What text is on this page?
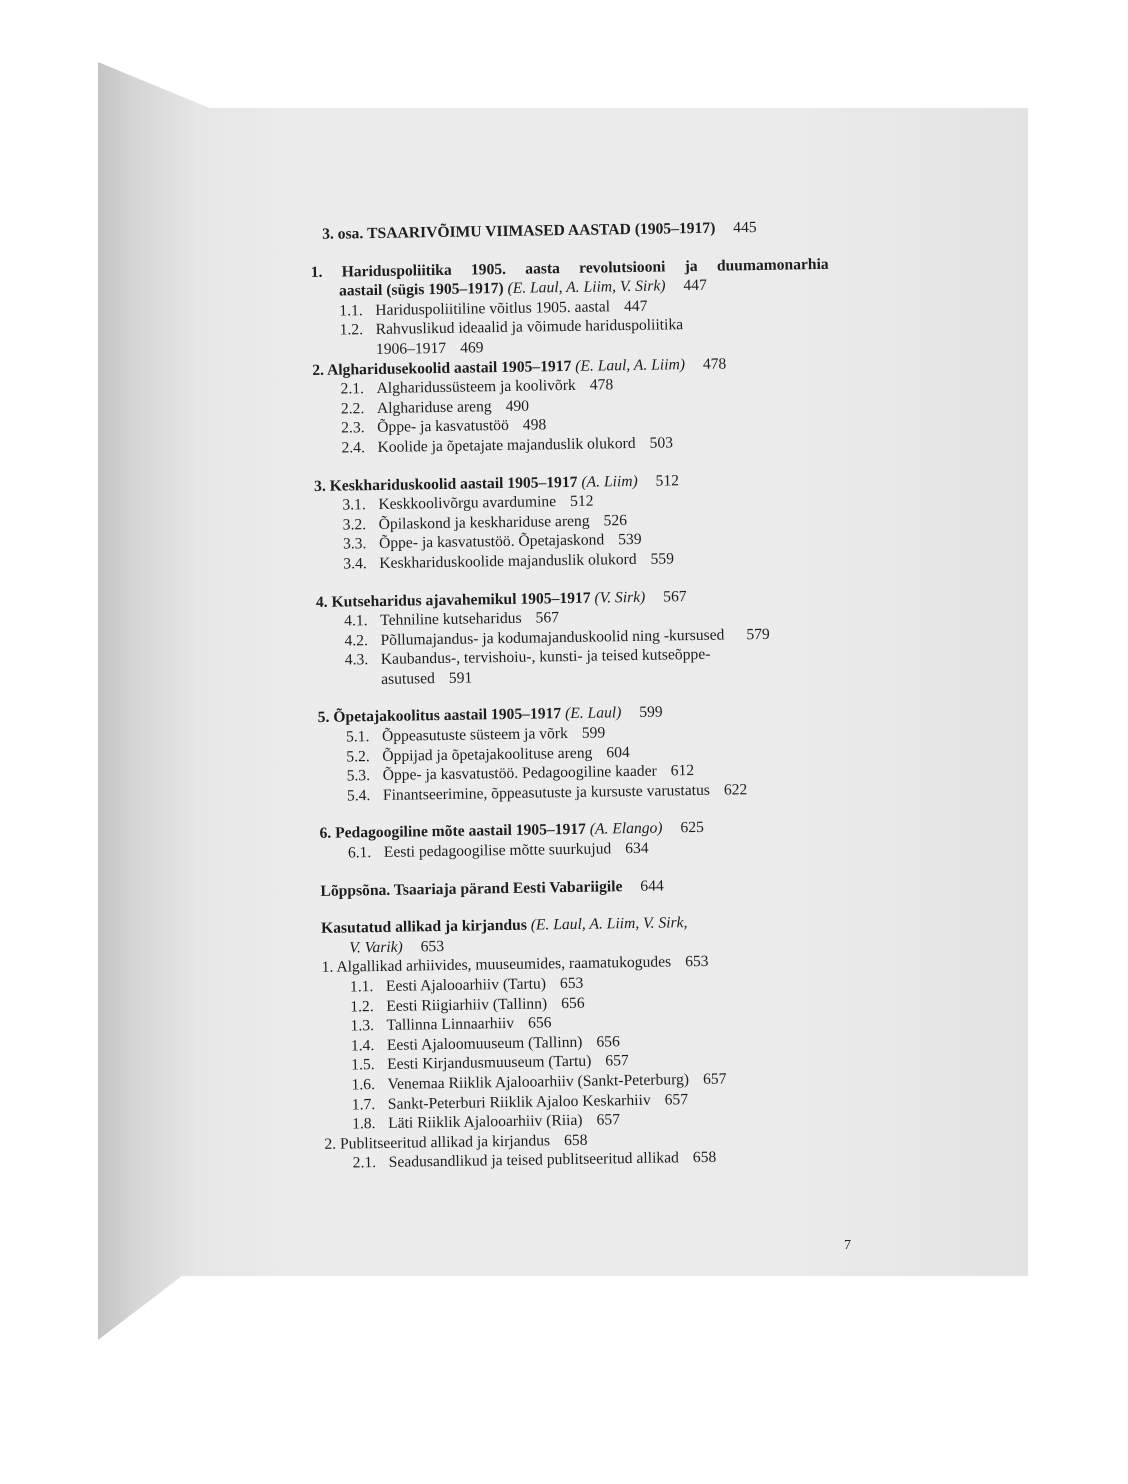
3. osa. TSAARIVÕIMU VIIMASED AASTAD (1905–1917) 445
1. Hariduspoliitika 1905. aasta revolutsiooni ja duumamonarhia
aastail (sügis 1905–1917) (E. Laul, A. Liim, V. Sirk) 447
1.1. Hariduspoliitiline võitlus 1905. aastal 447
1.2. Rahvuslikud ideaalid ja võimude hariduspoliitika
1906–1917 469
2. Algharidusekoolid aastail 1905–1917 (E. Laul, A. Liim) 478
2.1. Algharidussüsteem ja koolivõrk 478
2.2. Alghariduse areng 490
2.3. Õppe- ja kasvatustöö 498
2.4. Koolide ja õpetajate majanduslik olukord 503
3. Keskhariduskoolid aastail 1905–1917 (A. Liim) 512
3.1. Keskkoolivõrgu avardumine 512
3.2. Õpilaskond ja keskhariduse areng 526
3.3. Õppe- ja kasvatustöö. Õpetajaskond 539
3.4. Keskhariduskoolide majanduslik olukord 559
4. Kutseharidus ajavahemikul 1905–1917 (V. Sirk) 567
4.1. Tehniline kutseharidus 567
4.2. Põllumajandus- ja kodumajanduskoolid ning -kursused 579
4.3. Kaubandus-, tervishoiu-, kunsti- ja teised kutseõppe-
asutused 591
5. Õpetajakoolitus aastail 1905–1917 (E. Laul) 599
5.1. Õppeasutuste süsteem ja võrk 599
5.2. Õppijad ja õpetajakoolituse areng 604
5.3. Õppe- ja kasvatustöö. Pedagoogiline kaader 612
5.4. Finantseerimine, õppeasutuste ja kursuste varustatus 622
6. Pedagoogiline mõte aastail 1905–1917 (A. Elango) 625
6.1. Eesti pedagoogilise mõtte suurkujud 634
Lõppsõna. Tsaariaja pärand Eesti Vabariigile 644
Kasutatud allikad ja kirjandus (E. Laul, A. Liim, V. Sirk,
V. Varik) 653
1. Algallikad arhiivides, muuseumides, raamatukogudes 653
1.1. Eesti Ajalooarhiiv (Tartu) 653
1.2. Eesti Riigiarhiiv (Tallinn) 656
1.3. Tallinna Linnaarhiiv 656
1.4. Eesti Ajaloomuuseum (Tallinn) 656
1.5. Eesti Kirjandusmuuseum (Tartu) 657
1.6. Venemaa Riiklik Ajalooarhiiv (Sankt-Peterburg) 657
1.7. Sankt-Peterburi Riiklik Ajaloo Keskarhiiv 657
1.8. Läti Riiklik Ajalooarhiiv (Riia) 657
2. Publitseeritud allikad ja kirjandus 658
2.1. Seadusandlikud ja teised publitseeritud allikad 658
7
